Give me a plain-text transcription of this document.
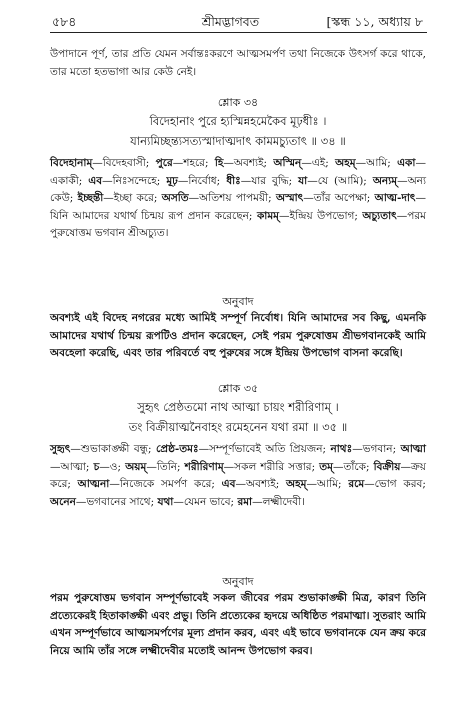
৫৮৪	শ্রীমদ্ভাগবত	[স্কন্ধ ১১, অধ্যায় ৮

উপাদানে পূর্ণ, তার প্রতি যেমন সর্বান্তঃকরণে আত্মসমর্পণ তথা নিজেকে উৎসর্গ করে থাকে, তার মতো হতভাগা আর কেউ নেই।

শ্লোক ৩৪

বিদেহানাং পুরে হ্যস্মিন্নহমেকৈব মূঢ়ধীঃ ।

যান্যমিচ্ছন্ত্যসত্যস্মাদাত্মদাৎ কামমচ্যুতাৎ ॥ ৩৪ ॥

বিদেহানাম্—বিদেহবাসী; পুরে—শহরে; হি—অবশ্যই; অস্মিন্—এই; অহম্—আমি; একা—একাকী; এব—নিঃসন্দেহে; মূঢ়—নির্বোধ; ধীঃ—যার বুদ্ধি; যা—যে (আমি); অন্যম্—অন্য কেউ; ইচ্ছন্তী—ইচ্ছা করে; অসতি—অতিশয় পাপময়ী; অস্মাৎ—তাঁর অপেক্ষা; আত্ম-দাৎ—যিনি আমাদের যথার্থ চিন্ময় রূপ প্রদান করেছেন; কামম্—ইন্দ্রিয় উপভোগ; অচ্যুতাৎ—পরম পুরুষোত্তম ভগবান শ্রীঅচ্যুত।

অনুবাদ

অবশ্যই এই বিদেহ নগরের মধ্যে আমিই সম্পূর্ণ নির্বোধ। যিনি আমাদের সব কিছু, এমনকি আমাদের যথার্থ চিন্ময় রূপটিও প্রদান করেছেন, সেই পরম পুরুষোত্তম শ্রীভগবানকেই আমি অবহেলা করেছি, এবং তার পরিবর্তে বহু পুরুষের সঙ্গে ইন্দ্রিয় উপভোগ বাসনা করেছি।

শ্লোক ৩৫

সুহৃৎ প্রেষ্ঠতমো নাথ আত্মা চায়ং শরীরিণাম্ ।

তং বিক্রীয়াত্মনৈবাহং রমেহনেন যথা রমা ॥ ৩৫ ॥

সুহৃৎ—শুভাকাঙ্ক্ষী বন্ধু; প্রেষ্ঠ-তমঃ—সম্পূর্ণভাবেই অতি প্রিয়জন; নাথঃ—ভগবান; আত্মা—আত্মা; চ—ও; অয়ম্—তিনি; শরীরিণাম্—সকল শরীরি সত্তার; তম্—তাঁকে; বিক্রীয়—ক্রয় করে; আত্মনা—নিজেকে সমর্পণ করে; এব—অবশ্যই; অহম্—আমি; রমে—ভোগ করব; অনেন—ভগবানের সাথে; যথা—যেমন ভাবে; রমা—লক্ষ্মীদেবী।

অনুবাদ

পরম পুরুষোত্তম ভগবান সম্পূর্ণভাবেই সকল জীবের পরম শুভাকাঙ্ক্ষী মিত্র, কারণ তিনি প্রত্যেকেরই হিতাকাঙ্ক্ষী এবং প্রভু। তিনি প্রত্যেকের হৃদয়ে অধিষ্ঠিত পরমাত্মা। সুতরাং আমি এখন সম্পূর্ণভাবে আত্মসমর্পণের মূল্য প্রদান করব, এবং এই ভাবে ভগবানকে যেন ক্রয় করে নিয়ে আমি তাঁর সঙ্গে লক্ষ্মীদেবীর মতোই আনন্দ উপভোগ করব।
